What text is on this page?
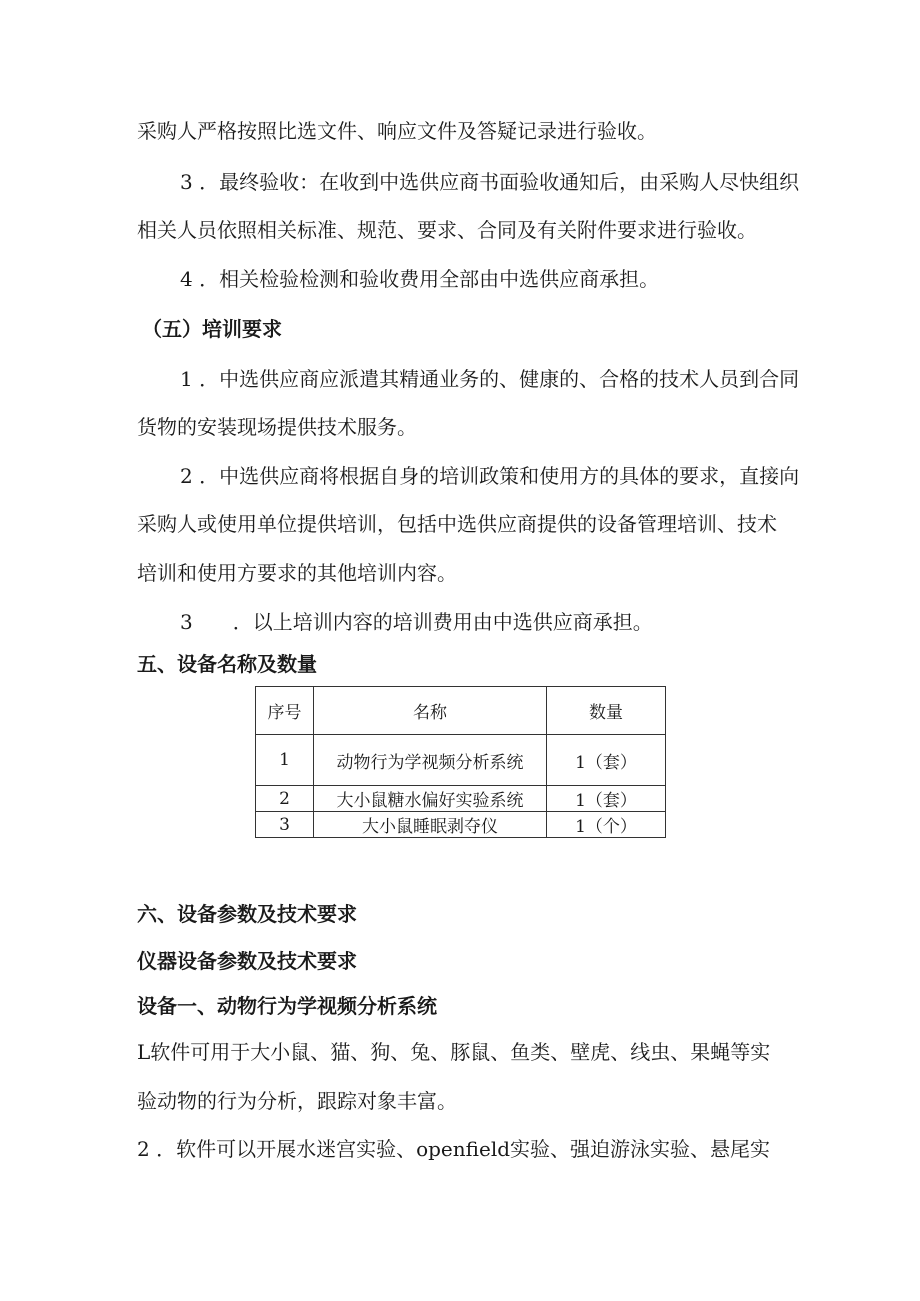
采购人严格按照比选文件、响应文件及答疑记录进行验收。
3 ．最终验收：在收到中选供应商书面验收通知后，由采购人尽快组织
相关人员依照相关标准、规范、要求、合同及有关附件要求进行验收。
4 ．相关检验检测和验收费用全部由中选供应商承担。
（五）培训要求
1 ．中选供应商应派遣其精通业务的、健康的、合格的技术人员到合同
货物的安装现场提供技术服务。
2 ．中选供应商将根据自身的培训政策和使用方的具体的要求，直接向
采购人或使用单位提供培训，包括中选供应商提供的设备管理培训、技术
培训和使用方要求的其他培训内容。
3　　．以上培训内容的培训费用由中选供应商承担。
五、设备名称及数量
序号	名称	数量
1	动物行为学视频分析系统	1（套）
2	大小鼠糖水偏好实验系统	1（套）
3	大小鼠睡眠剥夺仪	1（个）
六、设备参数及技术要求
仪器设备参数及技术要求
设备一、动物行为学视频分析系统
L软件可用于大小鼠、猫、狗、兔、豚鼠、鱼类、壁虎、线虫、果蝇等实
验动物的行为分析，跟踪对象丰富。
2 ．软件可以开展水迷宫实验、openfield实验、强迫游泳实验、悬尾实
